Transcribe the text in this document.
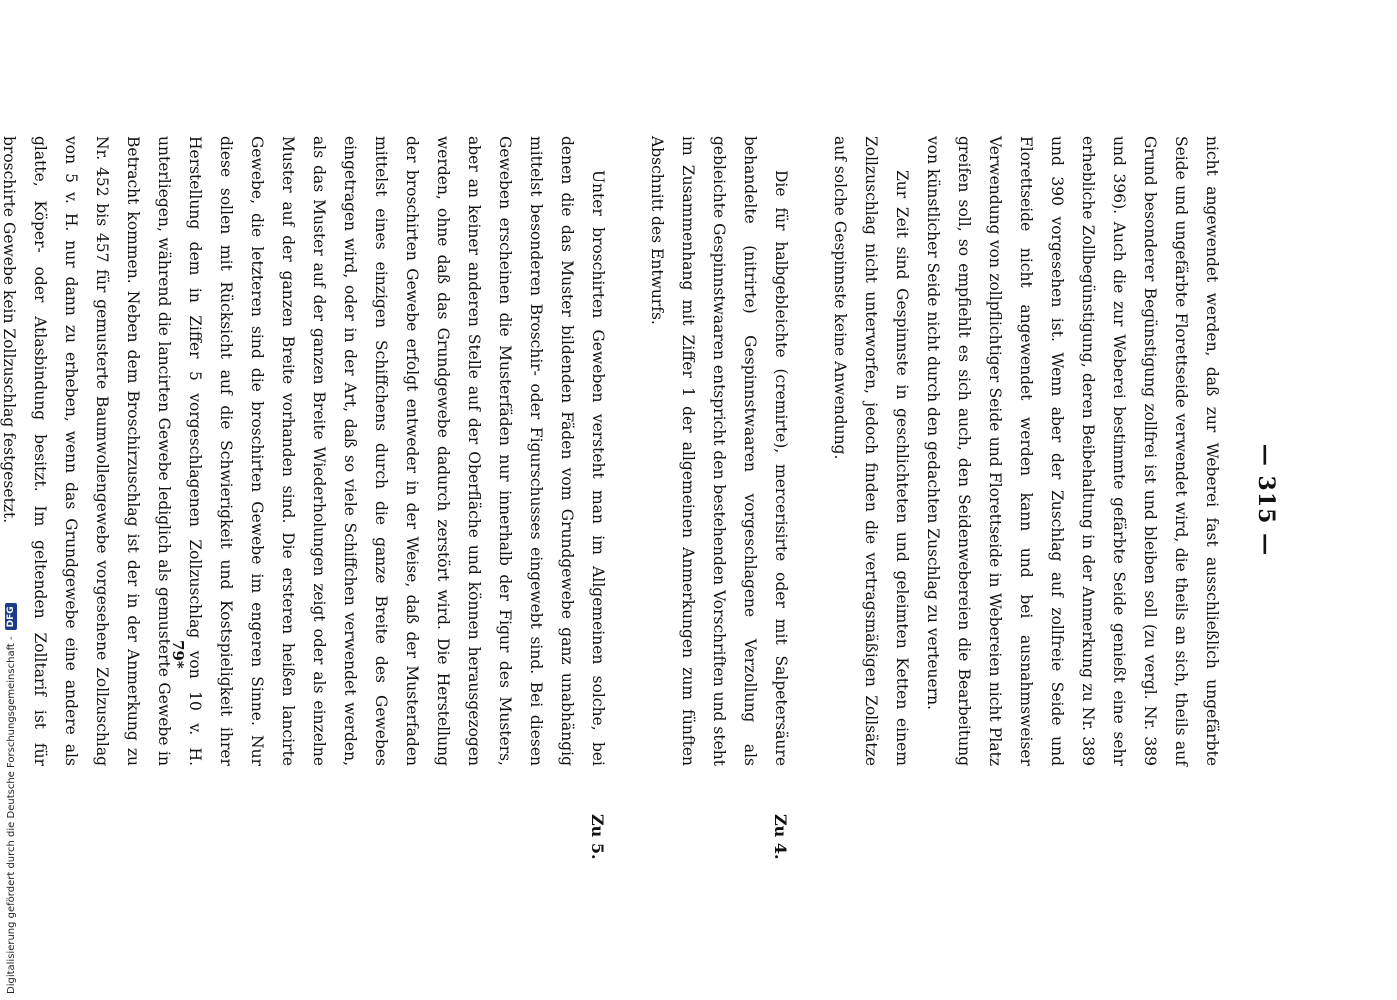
— 315 —

nicht angewendet werden, daß zur Weberei fast ausschließlich ungefärbte Seide und ungefärbte Florettseide verwendet wird, die theils an sich, theils auf Grund besonderer Begünstigung zollfrei ist und bleiben soll (zu vergl. Nr. 389 und 396). Auch die zur Weberei bestimmte gefärbte Seide genießt eine sehr erhebliche Zollbegünstigung, deren Beibehaltung in der Anmerkung zu Nr. 389 und 390 vorgesehen ist. Wenn aber der Zuschlag auf zollfreie Seide und Florettseide nicht angewendet werden kann und bei ausnahmsweiser Verwendung von zollpflichtiger Seide und Florettseide in Webereien nicht Platz greifen soll, so empfiehlt es sich auch, den Seidenwebereien die Bearbeitung von künstlicher Seide nicht durch den gedachten Zuschlag zu verteuern.

Zur Zeit sind Gespinnste in geschlichteten und geleimten Ketten einem Zollzuschlag nicht unterworfen, jedoch finden die vertragsmäßigen Zollsätze auf solche Gespinnste keine Anwendung.

Zu 4.

Die für halbgebleichte (cremirte), mercerisirte oder mit Salpetersäure behandelte (nitrirte) Gespinnstwaaren vorgeschlagene Verzollung als gebleichte Gespinnstwaaren entspricht den bestehenden Vorschriften und steht im Zusammenhang mit Ziffer 1 der allgemeinen Anmerkungen zum fünften Abschnitt des Entwurfs.

Zu 5.

Unter broschirten Geweben versteht man im Allgemeinen solche, bei denen die das Muster bildenden Fäden vom Grundgewebe ganz unabhängig mittelst besonderen Broschir- oder Figurschusses eingewebt sind. Bei diesen Geweben erscheinen die Musterfäden nur innerhalb der Figur des Musters, aber an keiner anderen Stelle auf der Oberfläche und können herausgezogen werden, ohne daß das Grundgewebe dadurch zerstört wird. Die Herstellung der broschirten Gewebe erfolgt entweder in der Weise, daß der Musterfaden mittelst eines einzigen Schiffchens durch die ganze Breite des Gewebes eingetragen wird, oder in der Art, daß so viele Schiffchen verwendet werden, als das Muster auf der ganzen Breite Wiederholungen zeigt oder als einzelne Muster auf der ganzen Breite vorhanden sind. Die ersteren heißen lancirte Gewebe, die letzteren sind die broschirten Gewebe im engeren Sinne. Nur diese sollen mit Rücksicht auf die Schwierigkeit und Kostspieligkeit ihrer Herstellung dem in Ziffer 5 vorgeschlagenen Zollzuschlag von 10 v. H. unterliegen, während die lancirten Gewebe lediglich als gemusterte Gewebe in Betracht kommen. Neben dem Broschirzuschlag ist der in der Anmerkung zu Nr. 452 bis 457 für gemusterte Baumwollengewebe vorgesehene Zollzuschlag von 5 v. H. nur dann zu erheben, wenn das Grundgewebe eine andere als glatte, Köper- oder Atlasbindung besitzt. Im geltenden Zolltarif ist für broschirte Gewebe kein Zollzuschlag festgesetzt.

79*
Digitalisierung gefördert durch die Deutsche Forschungsgemeinschaft -
DFG
